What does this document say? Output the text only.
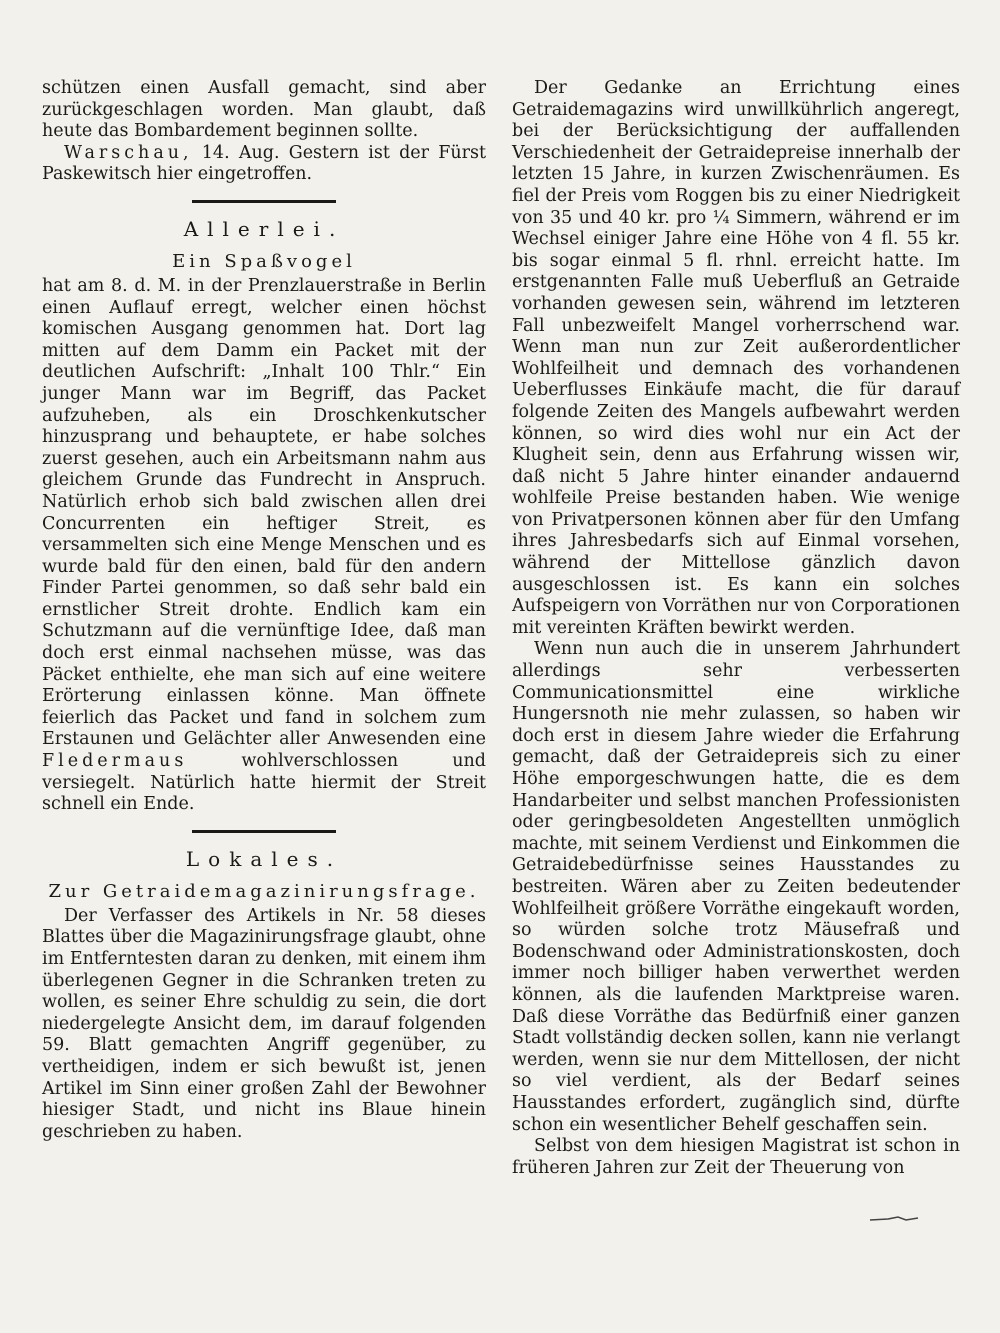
schützen einen Ausfall gemacht, sind aber zurückgeschlagen worden. Man glaubt, daß heute das Bombardement beginnen sollte.

Warschau, 14. Aug. Gestern ist der Fürst Paskewitsch hier eingetroffen.

Allerlei.
Ein Spaßvogel

hat am 8. d. M. in der Prenzlauerstraße in Berlin einen Auflauf erregt, welcher einen höchst komischen Ausgang genommen hat. Dort lag mitten auf dem Damm ein Packet mit der deutlichen Aufschrift: „Inhalt 100 Thlr.“ Ein junger Mann war im Begriff, das Packet aufzuheben, als ein Droschkenkutscher hinzusprang und behauptete, er habe solches zuerst gesehen, auch ein Arbeitsmann nahm aus gleichem Grunde das Fundrecht in Anspruch. Natürlich erhob sich bald zwischen allen drei Concurrenten ein heftiger Streit, es versammelten sich eine Menge Menschen und es wurde bald für den einen, bald für den andern Finder Partei genommen, so daß sehr bald ein ernstlicher Streit drohte. Endlich kam ein Schutzmann auf die vernünftige Idee, daß man doch erst einmal nachsehen müsse, was das Päcket enthielte, ehe man sich auf eine weitere Erörterung einlassen könne. Man öffnete feierlich das Packet und fand in solchem zum Erstaunen und Gelächter aller Anwesenden eine Fledermaus wohlverschlossen und versiegelt. Natürlich hatte hiermit der Streit schnell ein Ende.

Lokales.
Zur Getraidemagazinirungsfrage.

Der Verfasser des Artikels in Nr. 58 dieses Blattes über die Magazinirungsfrage glaubt, ohne im Entferntesten daran zu denken, mit einem ihm überlegenen Gegner in die Schranken treten zu wollen, es seiner Ehre schuldig zu sein, die dort niedergelegte Ansicht dem, im darauf folgenden 59. Blatt gemachten Angriff gegenüber, zu vertheidigen, indem er sich bewußt ist, jenen Artikel im Sinn einer großen Zahl der Bewohner hiesiger Stadt, und nicht ins Blaue hinein geschrieben zu haben.

Der Gedanke an Errichtung eines Getraidemagazins wird unwillkührlich angeregt, bei der Berücksichtigung der auffallenden Verschiedenheit der Getraidepreise innerhalb der letzten 15 Jahre, in kurzen Zwischenräumen. Es fiel der Preis vom Roggen bis zu einer Niedrigkeit von 35 und 40 kr. pro ¼ Simmern, während er im Wechsel einiger Jahre eine Höhe von 4 fl. 55 kr. bis sogar einmal 5 fl. rhnl. erreicht hatte. Im erstgenannten Falle muß Ueberfluß an Getraide vorhanden gewesen sein, während im letzteren Fall unbezweifelt Mangel vorherrschend war. Wenn man nun zur Zeit außerordentlicher Wohlfeilheit und demnach des vorhandenen Ueberflusses Einkäufe macht, die für darauf folgende Zeiten des Mangels aufbewahrt werden können, so wird dies wohl nur ein Act der Klugheit sein, denn aus Erfahrung wissen wir, daß nicht 5 Jahre hinter einander andauernd wohlfeile Preise bestanden haben. Wie wenige von Privatpersonen können aber für den Umfang ihres Jahresbedarfs sich auf Einmal vorsehen, während der Mittellose gänzlich davon ausgeschlossen ist. Es kann ein solches Aufspeigern von Vorräthen nur von Corporationen mit vereinten Kräften bewirkt werden.

Wenn nun auch die in unserem Jahrhundert allerdings sehr verbesserten Communicationsmittel eine wirkliche Hungersnoth nie mehr zulassen, so haben wir doch erst in diesem Jahre wieder die Erfahrung gemacht, daß der Getraidepreis sich zu einer Höhe emporgeschwungen hatte, die es dem Handarbeiter und selbst manchen Professionisten oder geringbesoldeten Angestellten unmöglich machte, mit seinem Verdienst und Einkommen die Getraidebedürfnisse seines Hausstandes zu bestreiten. Wären aber zu Zeiten bedeutender Wohlfeilheit größere Vorräthe eingekauft worden, so würden solche trotz Mäusefraß und Bodenschwand oder Administrationskosten, doch immer noch billiger haben verwerthet werden können, als die laufenden Marktpreise waren. Daß diese Vorräthe das Bedürfniß einer ganzen Stadt vollständig decken sollen, kann nie verlangt werden, wenn sie nur dem Mittellosen, der nicht so viel verdient, als der Bedarf seines Hausstandes erfordert, zugänglich sind, dürfte schon ein wesentlicher Behelf geschaffen sein.

Selbst von dem hiesigen Magistrat ist schon in früheren Jahren zur Zeit der Theuerung von
